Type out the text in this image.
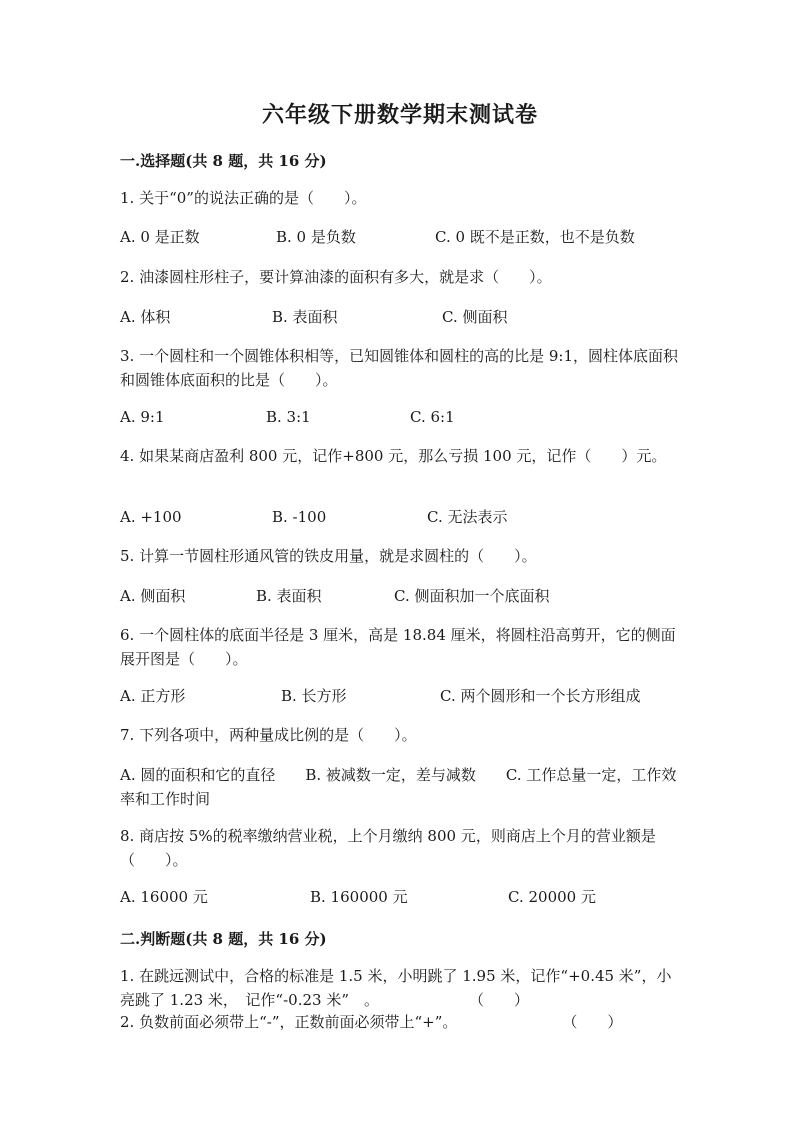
六年级下册数学期末测试卷
一.选择题(共 8 题，共 16 分)
1. 关于“0”的说法正确的是（　　）。
A. 0 是正数	B. 0 是负数	C. 0 既不是正数，也不是负数
2. 油漆圆柱形柱子，要计算油漆的面积有多大，就是求（　　）。
A. 体积	B. 表面积	C. 侧面积
3. 一个圆柱和一个圆锥体积相等，已知圆锥体和圆柱的高的比是 9:1，圆柱体底面积和圆锥体底面积的比是（　　）。
A. 9:1	B. 3:1	C. 6:1
4. 如果某商店盈利 800 元，记作+800 元，那么亏损 100 元，记作（　　）元。
A. +100	B. -100	C. 无法表示
5. 计算一节圆柱形通风管的铁皮用量，就是求圆柱的（　　）。
A. 侧面积	B. 表面积	C. 侧面积加一个底面积
6. 一个圆柱体的底面半径是 3 厘米，高是 18.84 厘米，将圆柱沿高剪开，它的侧面展开图是（　　）。
A. 正方形	B. 长方形	C. 两个圆形和一个长方形组成
7. 下列各项中，两种量成比例的是（　　）。
A. 圆的面积和它的直径　　B. 被减数一定，差与减数　　C. 工作总量一定，工作效率和工作时间
8. 商店按 5%的税率缴纳营业税，上个月缴纳 800 元，则商店上个月的营业额是（　　）。
A. 16000 元	B. 160000 元	C. 20000 元
二.判断题(共 8 题，共 16 分)
1. 在跳远测试中，合格的标准是 1.5 米，小明跳了 1.95 米，记作“+0.45 米”，小亮跳了 1.23 米，　记作“-0.23 米”　。　　　　　　　（　　）
2. 负数前面必须带上“-”，正数前面必须带上“+”。　　　　　　　　（　　）
